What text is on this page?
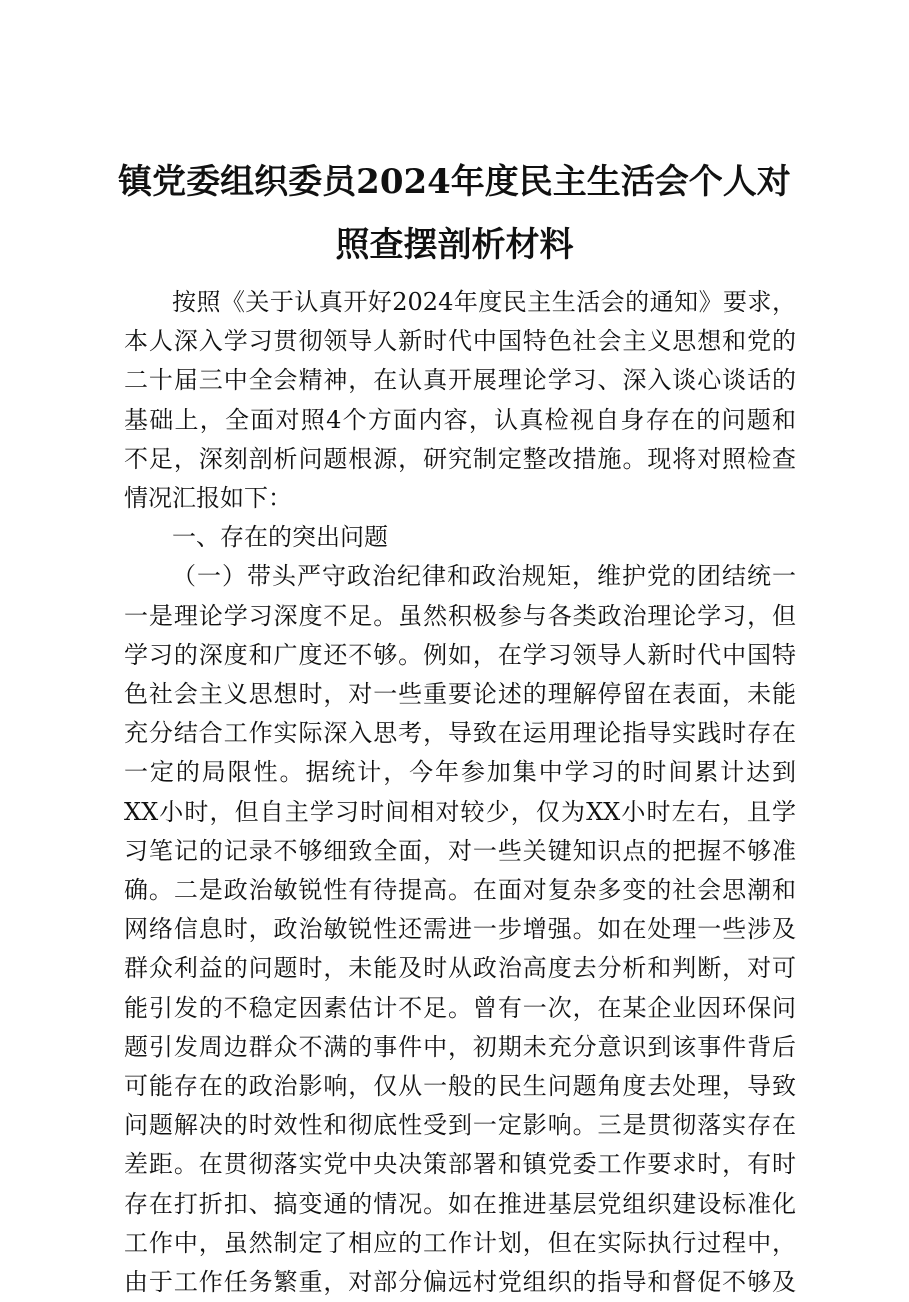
镇党委组织委员2024年度民主生活会个人对
照查摆剖析材料
按照《关于认真开好2024年度民主生活会的通知》要求，
本人深入学习贯彻领导人新时代中国特色社会主义思想和党的
二十届三中全会精神，在认真开展理论学习、深入谈心谈话的
基础上，全面对照4个方面内容，认真检视自身存在的问题和
不足，深刻剖析问题根源，研究制定整改措施。现将对照检查
情况汇报如下：
一、存在的突出问题
（一）带头严守政治纪律和政治规矩，维护党的团结统一
一是理论学习深度不足。虽然积极参与各类政治理论学习，但
学习的深度和广度还不够。例如，在学习领导人新时代中国特
色社会主义思想时，对一些重要论述的理解停留在表面，未能
充分结合工作实际深入思考，导致在运用理论指导实践时存在
一定的局限性。据统计，今年参加集中学习的时间累计达到
XX小时，但自主学习时间相对较少，仅为XX小时左右，且学
习笔记的记录不够细致全面，对一些关键知识点的把握不够准
确。二是政治敏锐性有待提高。在面对复杂多变的社会思潮和
网络信息时，政治敏锐性还需进一步增强。如在处理一些涉及
群众利益的问题时，未能及时从政治高度去分析和判断，对可
能引发的不稳定因素估计不足。曾有一次，在某企业因环保问
题引发周边群众不满的事件中，初期未充分意识到该事件背后
可能存在的政治影响，仅从一般的民生问题角度去处理，导致
问题解决的时效性和彻底性受到一定影响。三是贯彻落实存在
差距。在贯彻落实党中央决策部署和镇党委工作要求时，有时
存在打折扣、搞变通的情况。如在推进基层党组织建设标准化
工作中，虽然制定了相应的工作计划，但在实际执行过程中，
由于工作任务繁重，对部分偏远村党组织的指导和督促不够及
